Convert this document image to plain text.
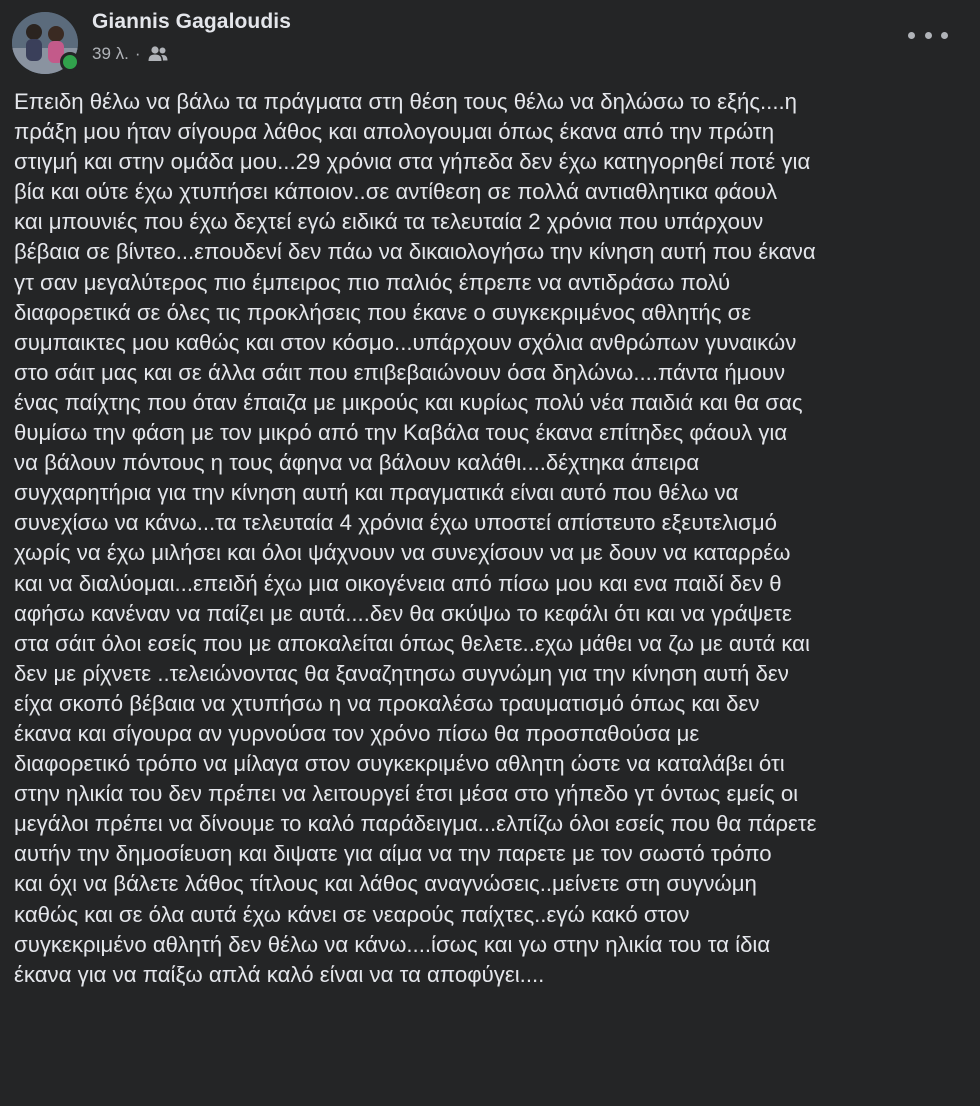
Giannis Gagaloudis
39 λ. ·
Επειδη θέλω να βάλω τα πράγματα στη θέση τους θέλω να δηλώσω το εξής....η
πράξη μου ήταν σίγουρα λάθος και απολογουμαι όπως έκανα από την πρώτη
στιγμή και στην ομάδα μου...29 χρόνια στα γήπεδα δεν έχω κατηγορηθεί ποτέ για
βία και ούτε έχω χτυπήσει κάποιον..σε αντίθεση σε πολλά αντιαθλητικα φάουλ
και μπουνιές που έχω δεχτεί εγώ ειδικά τα τελευταία 2 χρόνια που υπάρχουν
βέβαια σε βίντεο...επουδενί δεν πάω να δικαιολογήσω την κίνηση αυτή που έκανα
γτ σαν μεγαλύτερος πιο έμπειρος πιο παλιός έπρεπε να αντιδράσω πολύ
διαφορετικά σε όλες τις προκλήσεις που έκανε ο συγκεκριμένος αθλητής σε
συμπαικτες μου καθώς και στον κόσμο...υπάρχουν σχόλια ανθρώπων γυναικών
στο σάιτ μας και σε άλλα σάιτ που επιβεβαιώνουν όσα δηλώνω....πάντα ήμουν
ένας παίχτης που όταν έπαιζα με μικρούς και κυρίως πολύ νέα παιδιά και θα σας
θυμίσω την φάση με τον μικρό από την Καβάλα τους έκανα επίτηδες φάουλ για
να βάλουν πόντους η τους άφηνα να βάλουν καλάθι....δέχτηκα άπειρα
συγχαρητήρια για την κίνηση αυτή και πραγματικά είναι αυτό που θέλω να
συνεχίσω να κάνω...τα τελευταία 4 χρόνια έχω υποστεί απίστευτο εξευτελισμό
χωρίς να έχω μιλήσει και όλοι ψάχνουν να συνεχίσουν να με δουν να καταρρέω
και να διαλύομαι...επειδή έχω μια οικογένεια από πίσω μου και ενα παιδί δεν θ
αφήσω κανέναν να παίζει με αυτά....δεν θα σκύψω το κεφάλι ότι και να γράψετε
στα σάιτ όλοι εσείς που με αποκαλείται όπως θελετε..εχω μάθει να ζω με αυτά και
δεν με ρίχνετε ..τελειώνοντας θα ξαναζητησω συγνώμη για την κίνηση αυτή δεν
είχα σκοπό βέβαια να χτυπήσω η να προκαλέσω τραυματισμό όπως και δεν
έκανα και σίγουρα αν γυρνούσα τον χρόνο πίσω θα προσπαθούσα με
διαφορετικό τρόπο να μίλαγα στον συγκεκριμένο αθλητη ώστε να καταλάβει ότι
στην ηλικία του δεν πρέπει να λειτουργεί έτσι μέσα στο γήπεδο γτ όντως εμείς οι
μεγάλοι πρέπει να δίνουμε το καλό παράδειγμα...ελπίζω όλοι εσείς που θα πάρετε
αυτήν την δημοσίευση και διψατε για αίμα να την παρετε με τον σωστό τρόπο
και όχι να βάλετε λάθος τίτλους και λάθος αναγνώσεις..μείνετε στη συγνώμη
καθώς και σε όλα αυτά έχω κάνει σε νεαρούς παίχτες..εγώ κακό στον
συγκεκριμένο αθλητή δεν θέλω να κάνω....ίσως και γω στην ηλικία του τα ίδια
έκανα για να παίξω απλά καλό είναι να τα αποφύγει....
